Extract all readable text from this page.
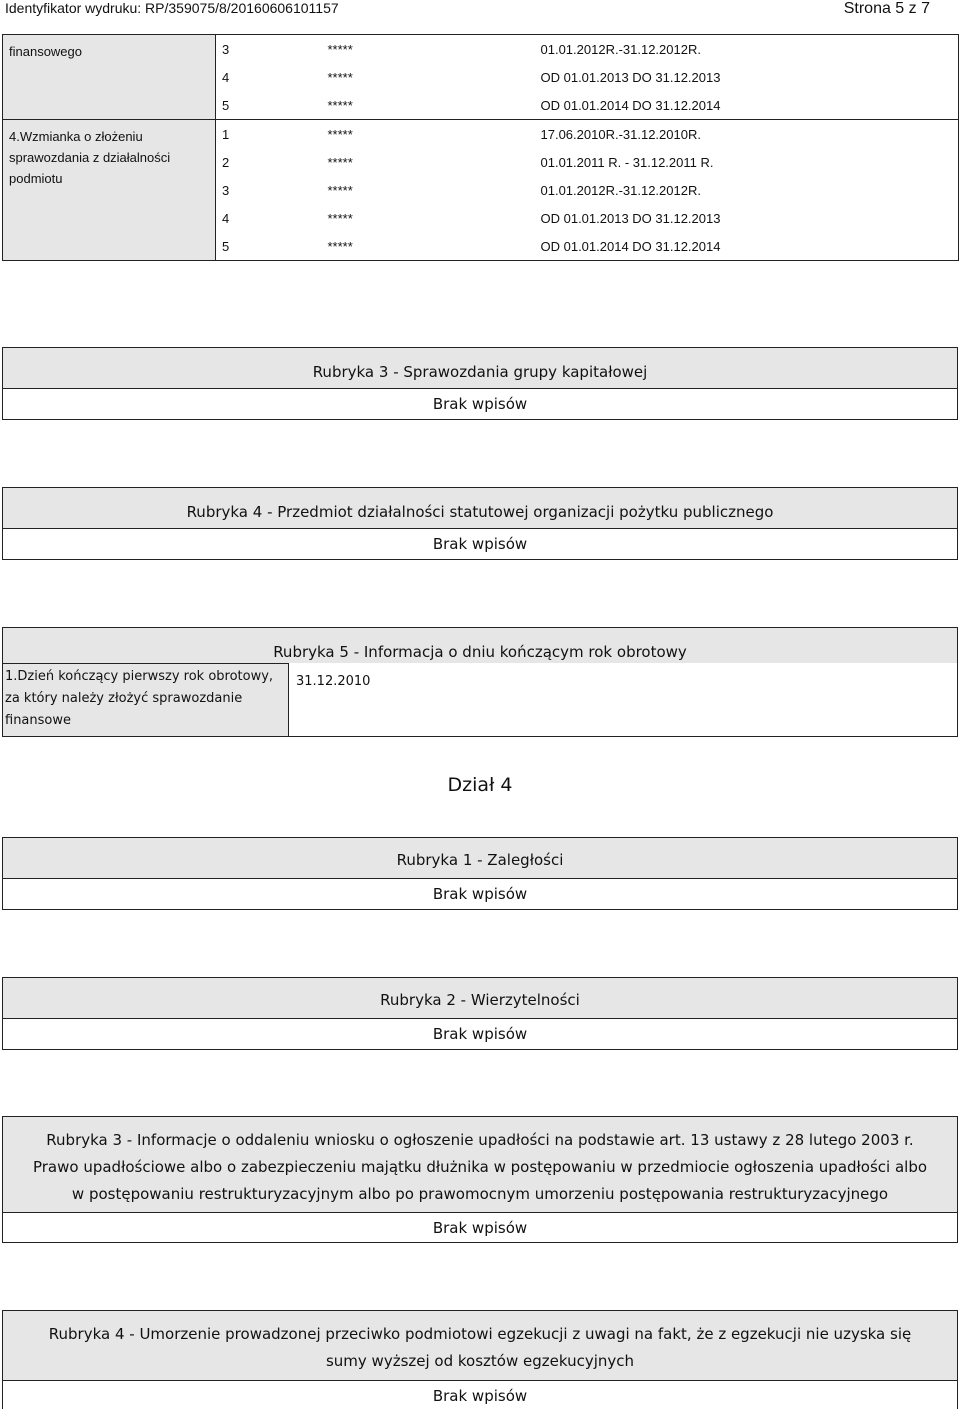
Identyfikator wydruku: RP/359075/8/20160606101157	Strona 5 z 7
finansowego	3	*****	01.01.2012R.-31.12.2012R.
	4	*****	OD 01.01.2013 DO 31.12.2013
	5	*****	OD 01.01.2014 DO 31.12.2014

4.Wzmianka o złożeniu
sprawozdania z działalności
podmiotu	1	*****	17.06.2010R.-31.12.2010R.
	2	*****	01.01.2011 R. - 31.12.2011 R.
	3	*****	01.01.2012R.-31.12.2012R.
	4	*****	OD 01.01.2013 DO 31.12.2013
	5	*****	OD 01.01.2014 DO 31.12.2014
Rubryka 3 - Sprawozdania grupy kapitałowej
Brak wpisów
Rubryka 4 - Przedmiot działalności statutowej organizacji pożytku publicznego
Brak wpisów
Rubryka 5 - Informacja o dniu kończącym rok obrotowy
1.Dzień kończący pierwszy rok obrotowy,
za który należy złożyć sprawozdanie
finansowe
31.12.2010
Dział 4
Rubryka 1 - Zaległości
Brak wpisów
Rubryka 2 - Wierzytelności
Brak wpisów
Rubryka 3 - Informacje o oddaleniu wniosku o ogłoszenie upadłości na podstawie art. 13 ustawy z 28 lutego 2003 r.
Prawo upadłościowe albo o zabezpieczeniu majątku dłużnika w postępowaniu w przedmiocie ogłoszenia upadłości albo
w postępowaniu restrukturyzacyjnym albo po prawomocnym umorzeniu postępowania restrukturyzacyjnego
Brak wpisów
Rubryka 4 - Umorzenie prowadzonej przeciwko podmiotowi egzekucji z uwagi na fakt, że z egzekucji nie uzyska się
sumy wyższej od kosztów egzekucyjnych
Brak wpisów
